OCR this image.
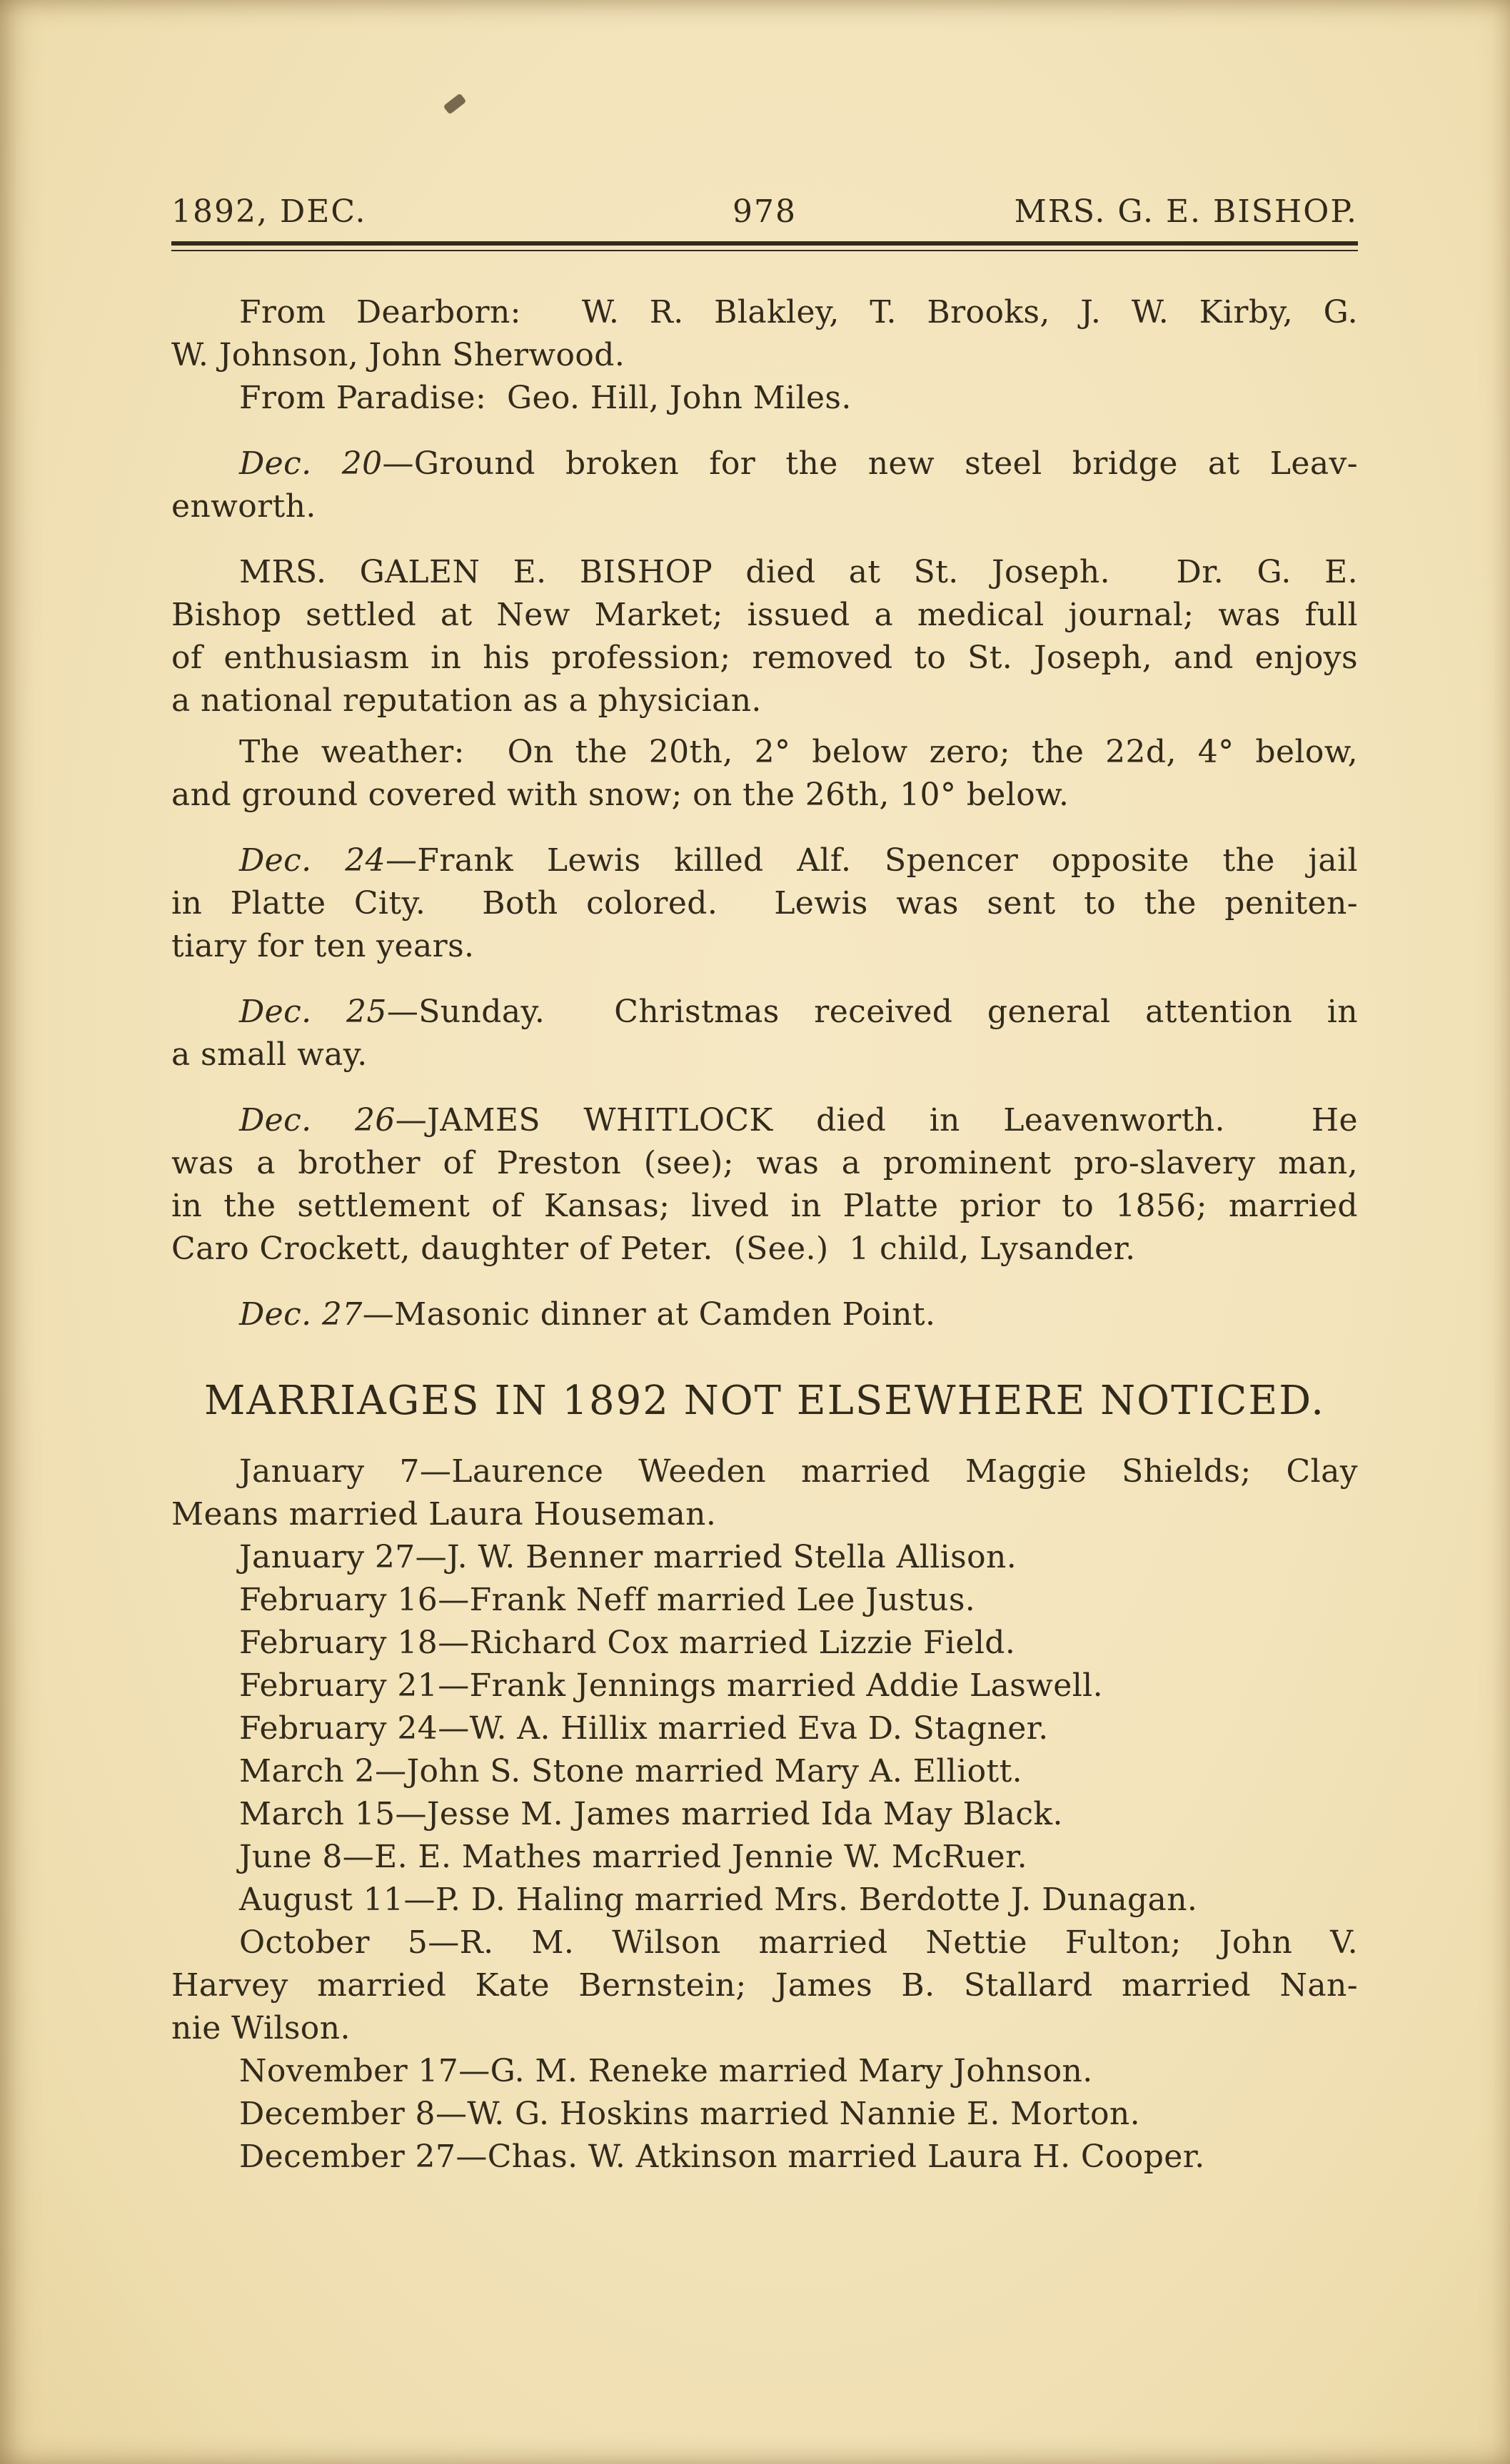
1892, DEC.	978	MRS. G. E. BISHOP.
From Dearborn:  W. R. Blakley, T. Brooks, J. W. Kirby, G.
W. Johnson, John Sherwood.
From Paradise:  Geo. Hill, John Miles.
Dec. 20—Ground broken for the new steel bridge at Leav-
enworth.
MRS. GALEN E. BISHOP died at St. Joseph.  Dr. G. E.
Bishop settled at New Market; issued a medical journal; was full
of enthusiasm in his profession; removed to St. Joseph, and enjoys
a national reputation as a physician.
The weather:  On the 20th, 2° below zero; the 22d, 4° below,
and ground covered with snow; on the 26th, 10° below.
Dec. 24—Frank Lewis killed Alf. Spencer opposite the jail
in Platte City.  Both colored.  Lewis was sent to the peniten-
tiary for ten years.
Dec. 25—Sunday.  Christmas received general attention in
a small way.
Dec. 26—JAMES WHITLOCK died in Leavenworth.  He
was a brother of Preston (see); was a prominent pro-slavery man,
in the settlement of Kansas; lived in Platte prior to 1856; married
Caro Crockett, daughter of Peter.  (See.)  1 child, Lysander.
Dec. 27—Masonic dinner at Camden Point.
MARRIAGES IN 1892 NOT ELSEWHERE NOTICED.
January 7—Laurence Weeden married Maggie Shields; Clay
Means married Laura Houseman.
January 27—J. W. Benner married Stella Allison.
February 16—Frank Neff married Lee Justus.
February 18—Richard Cox married Lizzie Field.
February 21—Frank Jennings married Addie Laswell.
February 24—W. A. Hillix married Eva D. Stagner.
March 2—John S. Stone married Mary A. Elliott.
March 15—Jesse M. James married Ida May Black.
June 8—E. E. Mathes married Jennie W. McRuer.
August 11—P. D. Haling married Mrs. Berdotte J. Dunagan.
October 5—R. M. Wilson married Nettie Fulton; John V.
Harvey married Kate Bernstein; James B. Stallard married Nan-
nie Wilson.
November 17—G. M. Reneke married Mary Johnson.
December 8—W. G. Hoskins married Nannie E. Morton.
December 27—Chas. W. Atkinson married Laura H. Cooper.
